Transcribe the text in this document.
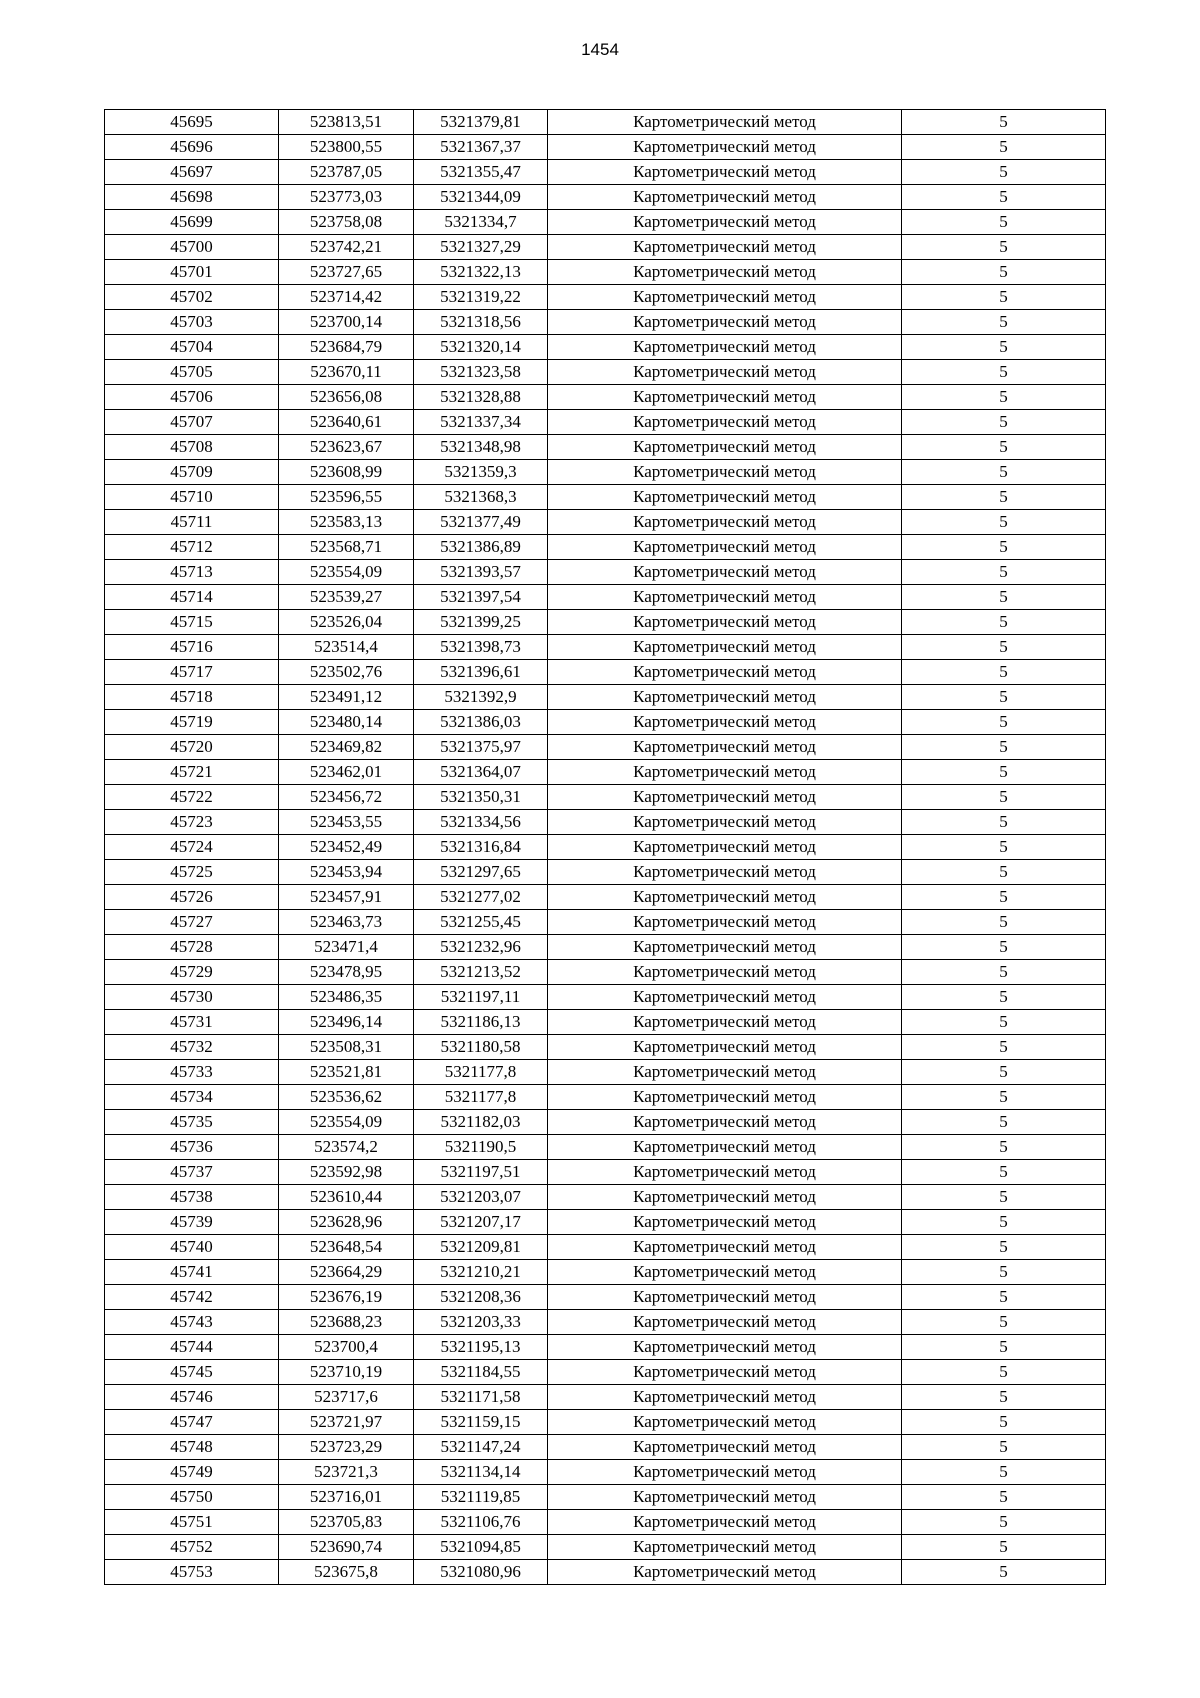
1454
45695	523813,51	5321379,81	Картометрический метод	5
45696	523800,55	5321367,37	Картометрический метод	5
45697	523787,05	5321355,47	Картометрический метод	5
45698	523773,03	5321344,09	Картометрический метод	5
45699	523758,08	5321334,7	Картометрический метод	5
45700	523742,21	5321327,29	Картометрический метод	5
45701	523727,65	5321322,13	Картометрический метод	5
45702	523714,42	5321319,22	Картометрический метод	5
45703	523700,14	5321318,56	Картометрический метод	5
45704	523684,79	5321320,14	Картометрический метод	5
45705	523670,11	5321323,58	Картометрический метод	5
45706	523656,08	5321328,88	Картометрический метод	5
45707	523640,61	5321337,34	Картометрический метод	5
45708	523623,67	5321348,98	Картометрический метод	5
45709	523608,99	5321359,3	Картометрический метод	5
45710	523596,55	5321368,3	Картометрический метод	5
45711	523583,13	5321377,49	Картометрический метод	5
45712	523568,71	5321386,89	Картометрический метод	5
45713	523554,09	5321393,57	Картометрический метод	5
45714	523539,27	5321397,54	Картометрический метод	5
45715	523526,04	5321399,25	Картометрический метод	5
45716	523514,4	5321398,73	Картометрический метод	5
45717	523502,76	5321396,61	Картометрический метод	5
45718	523491,12	5321392,9	Картометрический метод	5
45719	523480,14	5321386,03	Картометрический метод	5
45720	523469,82	5321375,97	Картометрический метод	5
45721	523462,01	5321364,07	Картометрический метод	5
45722	523456,72	5321350,31	Картометрический метод	5
45723	523453,55	5321334,56	Картометрический метод	5
45724	523452,49	5321316,84	Картометрический метод	5
45725	523453,94	5321297,65	Картометрический метод	5
45726	523457,91	5321277,02	Картометрический метод	5
45727	523463,73	5321255,45	Картометрический метод	5
45728	523471,4	5321232,96	Картометрический метод	5
45729	523478,95	5321213,52	Картометрический метод	5
45730	523486,35	5321197,11	Картометрический метод	5
45731	523496,14	5321186,13	Картометрический метод	5
45732	523508,31	5321180,58	Картометрический метод	5
45733	523521,81	5321177,8	Картометрический метод	5
45734	523536,62	5321177,8	Картометрический метод	5
45735	523554,09	5321182,03	Картометрический метод	5
45736	523574,2	5321190,5	Картометрический метод	5
45737	523592,98	5321197,51	Картометрический метод	5
45738	523610,44	5321203,07	Картометрический метод	5
45739	523628,96	5321207,17	Картометрический метод	5
45740	523648,54	5321209,81	Картометрический метод	5
45741	523664,29	5321210,21	Картометрический метод	5
45742	523676,19	5321208,36	Картометрический метод	5
45743	523688,23	5321203,33	Картометрический метод	5
45744	523700,4	5321195,13	Картометрический метод	5
45745	523710,19	5321184,55	Картометрический метод	5
45746	523717,6	5321171,58	Картометрический метод	5
45747	523721,97	5321159,15	Картометрический метод	5
45748	523723,29	5321147,24	Картометрический метод	5
45749	523721,3	5321134,14	Картометрический метод	5
45750	523716,01	5321119,85	Картометрический метод	5
45751	523705,83	5321106,76	Картометрический метод	5
45752	523690,74	5321094,85	Картометрический метод	5
45753	523675,8	5321080,96	Картометрический метод	5
